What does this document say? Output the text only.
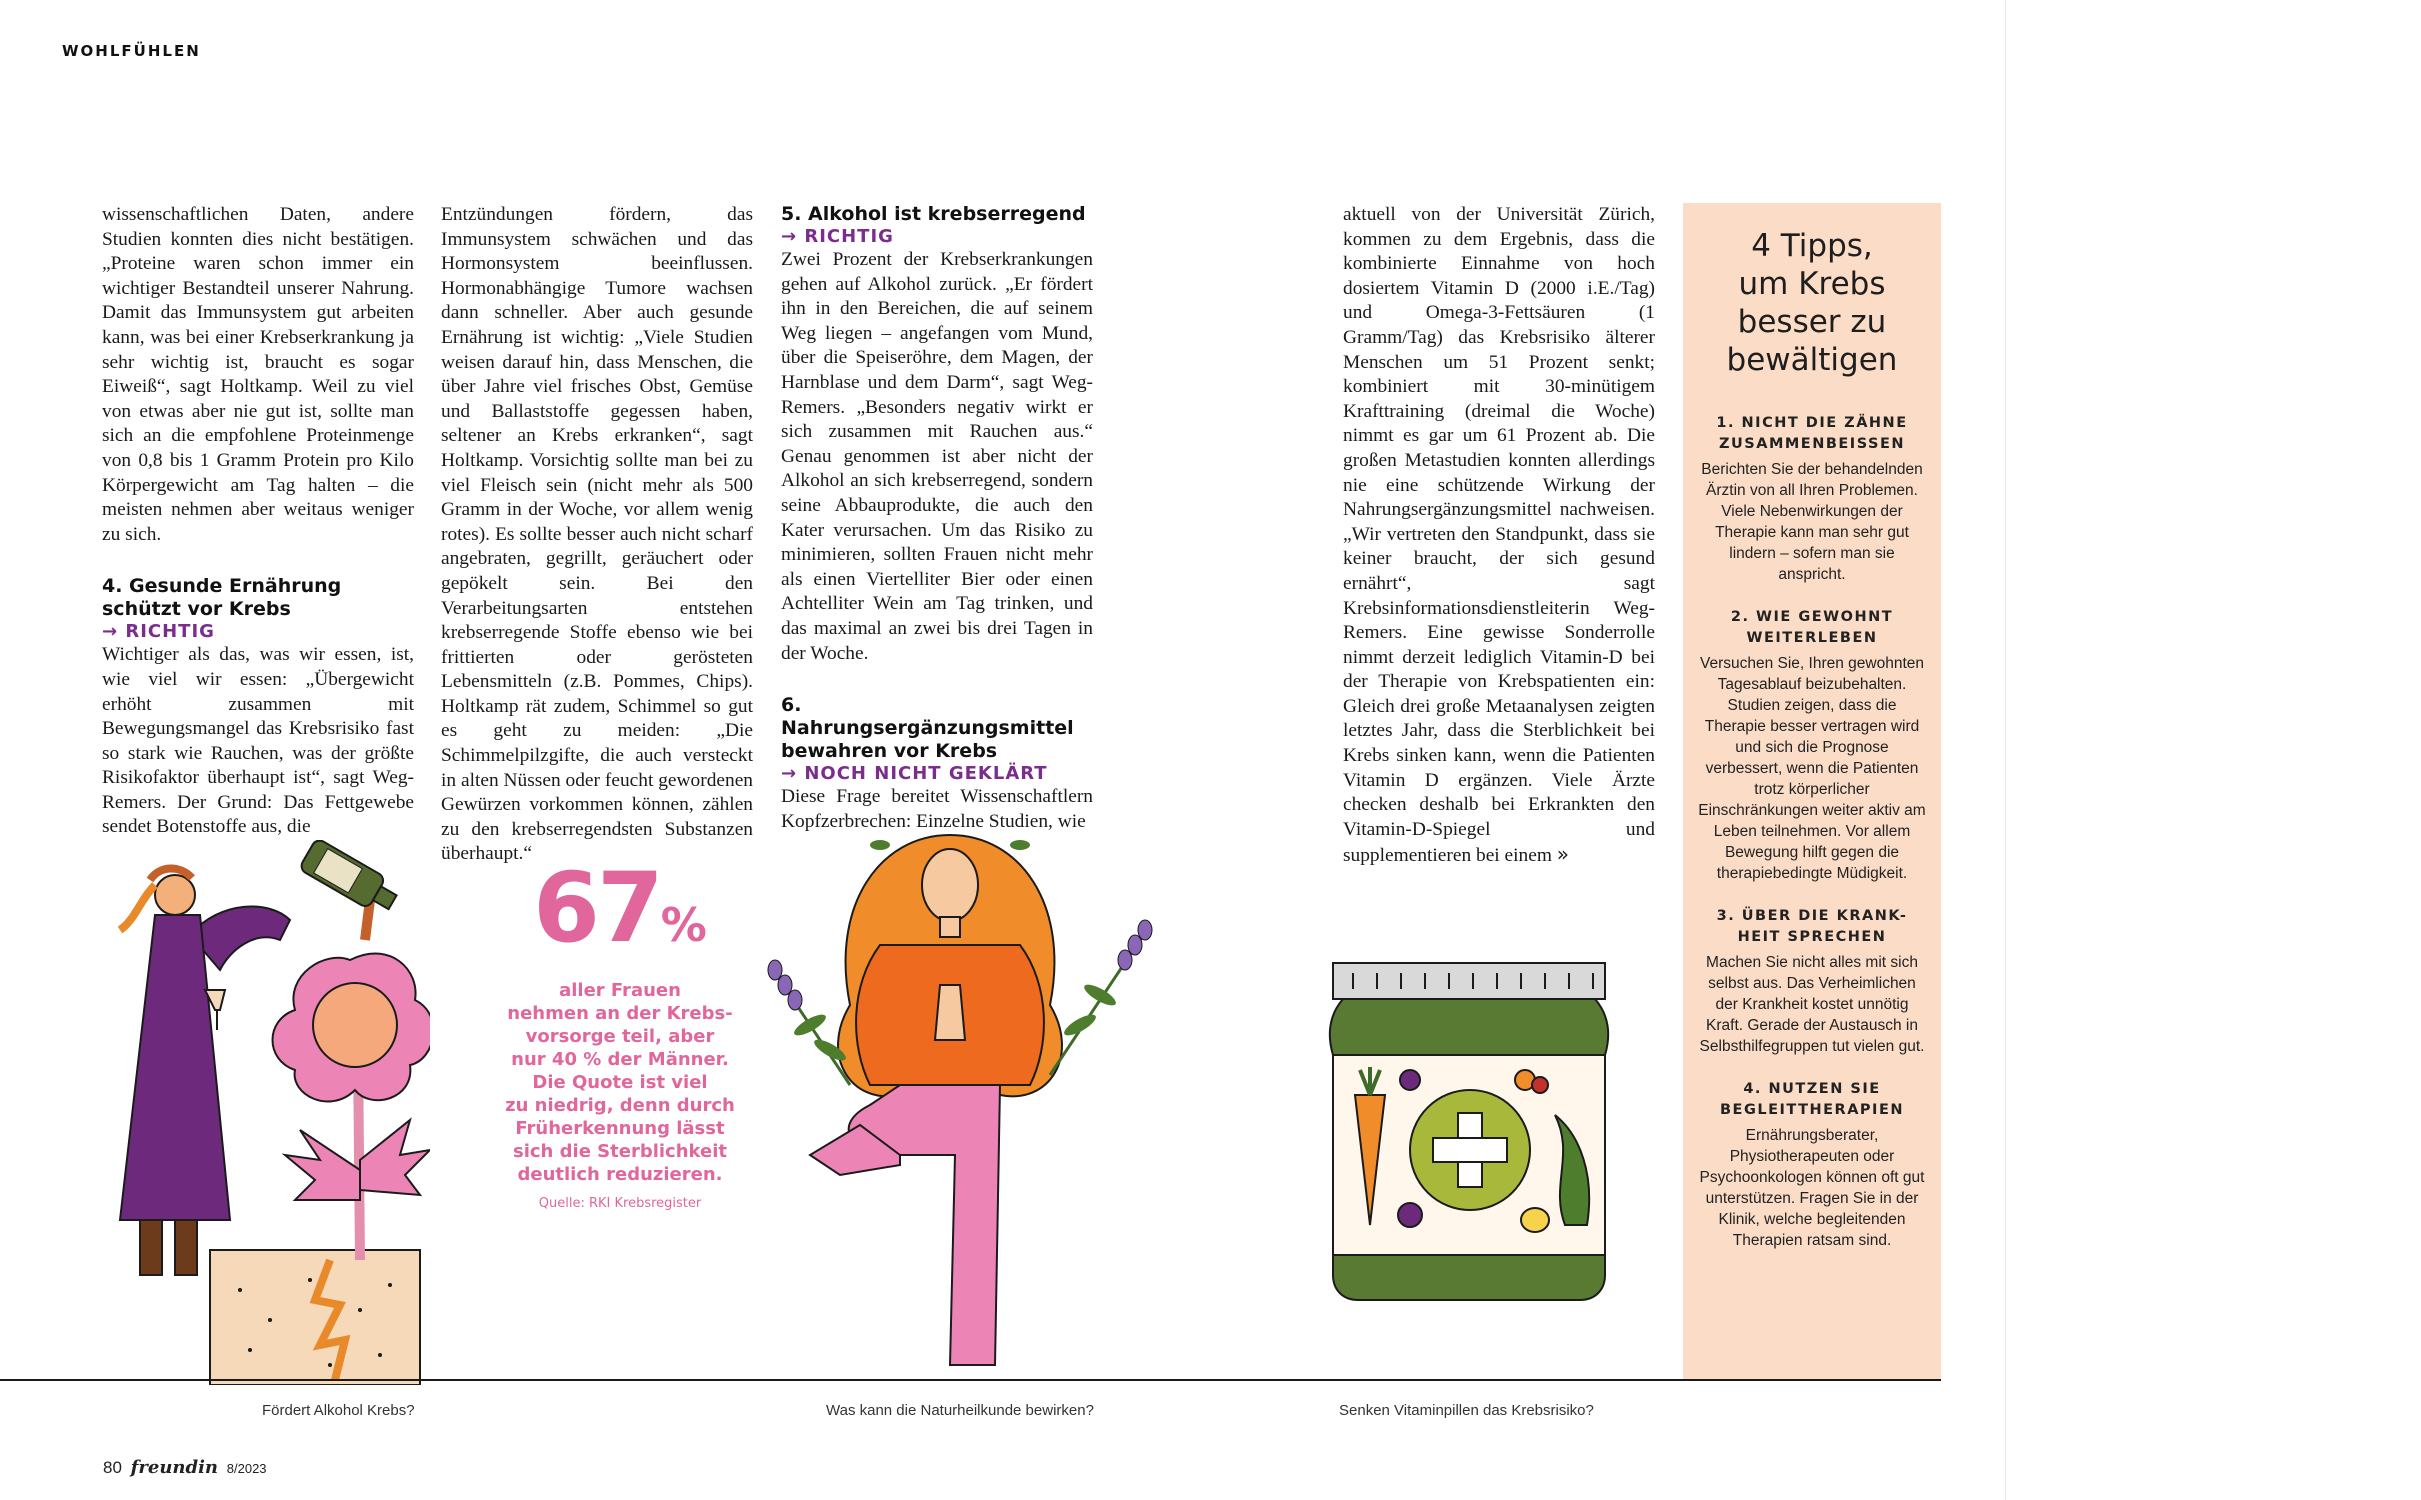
WOHLFÜHLEN

wissenschaftlichen Daten, andere Studien konnten dies nicht bestätigen. „Proteine waren schon immer ein wichtiger Bestandteil unserer Nahrung. Damit das Immunsystem gut arbeiten kann, was bei einer Krebserkrankung ja sehr wichtig ist, braucht es sogar Eiweiß“, sagt Holtkamp. Weil zu viel von etwas aber nie gut ist, sollte man sich an die empfohlene Proteinmenge von 0,8 bis 1 Gramm Protein pro Kilo Körpergewicht am Tag halten – die meisten nehmen aber weitaus weniger zu sich.

4. Gesunde Ernährung schützt vor Krebs
→ RICHTIG

Wichtiger als das, was wir essen, ist, wie viel wir essen: „Übergewicht erhöht zusammen mit Bewegungsmangel das Krebsrisiko fast so stark wie Rauchen, was der größte Risikofaktor überhaupt ist“, sagt Weg-Remers. Der Grund: Das Fettgewebe sendet Botenstoffe aus, die

Entzündungen fördern, das Immunsystem schwächen und das Hormonsystem beeinflussen. Hormonabhängige Tumore wachsen dann schneller. Aber auch gesunde Ernährung ist wichtig: „Viele Studien weisen darauf hin, dass Menschen, die über Jahre viel frisches Obst, Gemüse und Ballaststoffe gegessen haben, seltener an Krebs erkranken“, sagt Holtkamp. Vorsichtig sollte man bei zu viel Fleisch sein (nicht mehr als 500 Gramm in der Woche, vor allem wenig rotes). Es sollte besser auch nicht scharf angebraten, gegrillt, geräuchert oder gepökelt sein. Bei den Verarbeitungsarten entstehen krebserregende Stoffe ebenso wie bei frittierten oder gerösteten Lebensmitteln (z.B. Pommes, Chips). Holtkamp rät zudem, Schimmel so gut es geht zu meiden: „Die Schimmelpilzgifte, die auch versteckt in alten Nüssen oder feucht gewordenen Gewürzen vorkommen können, zählen zu den krebserregendsten Substanzen überhaupt.“

5. Alkohol ist krebserregend
→ RICHTIG

Zwei Prozent der Krebserkrankungen gehen auf Alkohol zurück. „Er fördert ihn in den Bereichen, die auf seinem Weg liegen – angefangen vom Mund, über die Speiseröhre, dem Magen, der Harnblase und dem Darm“, sagt Weg-Remers. „Besonders negativ wirkt er sich zusammen mit Rauchen aus.“ Genau genommen ist aber nicht der Alkohol an sich krebserregend, sondern seine Abbauprodukte, die auch den Kater verursachen. Um das Risiko zu minimieren, sollten Frauen nicht mehr als einen Viertelliter Bier oder einen Achtelliter Wein am Tag trinken, und das maximal an zwei bis drei Tagen in der Woche.

6. Nahrungsergänzungsmittel bewahren vor Krebs
→ NOCH NICHT GEKLÄRT

Diese Frage bereitet Wissenschaftlern Kopfzerbrechen: Einzelne Studien, wie

aktuell von der Universität Zürich, kommen zu dem Ergebnis, dass die kombinierte Einnahme von hoch dosiertem Vitamin D (2000 i.E./Tag) und Omega-3-Fettsäuren (1 Gramm/Tag) das Krebsrisiko älterer Menschen um 51 Prozent senkt; kombiniert mit 30-minütigem Krafttraining (dreimal die Woche) nimmt es gar um 61 Prozent ab. Die großen Metastudien konnten allerdings nie eine schützende Wirkung der Nahrungsergänzungsmittel nachweisen. „Wir vertreten den Standpunkt, dass sie keiner braucht, der sich gesund ernährt“, sagt Krebsinformationsdienstleiterin Weg-Remers. Eine gewisse Sonderrolle nimmt derzeit lediglich Vitamin-D bei der Therapie von Krebspatienten ein: Gleich drei große Metaanalysen zeigten letztes Jahr, dass die Sterblichkeit bei Krebs sinken kann, wenn die Patienten Vitamin D ergänzen. Viele Ärzte checken deshalb bei Erkrankten den Vitamin-D-Spiegel und supplementieren bei einem »

4 Tipps,
um Krebs
besser zu
bewältigen
1. NICHT DIE ZÄHNE
ZUSAMMENBEISSEN

Berichten Sie der behandelnden Ärztin von all Ihren Problemen. Viele Nebenwirkungen der Therapie kann man sehr gut lindern – sofern man sie anspricht.

2. WIE GEWOHNT
WEITERLEBEN

Versuchen Sie, Ihren gewohnten Tagesablauf beizubehalten. Studien zeigen, dass die Therapie besser vertragen wird und sich die Prognose verbessert, wenn die Patienten trotz körperlicher Einschränkungen weiter aktiv am Leben teilnehmen. Vor allem Bewegung hilft gegen die therapiebedingte Müdigkeit.

3. ÜBER DIE KRANK-
HEIT SPRECHEN

Machen Sie nicht alles mit sich selbst aus. Das Verheimlichen der Krankheit kostet unnötig Kraft. Gerade der Austausch in Selbsthilfegruppen tut vielen gut.

4. NUTZEN SIE
BEGLEITTHERAPIEN

Ernährungsberater, Physiotherapeuten oder Psychoonkologen können oft gut unterstützen. Fragen Sie in der Klinik, welche begleitenden Therapien ratsam sind.

67%
aller Frauen
nehmen an der Krebs-
vorsorge teil, aber
nur 40 % der Männer.
Die Quote ist viel
zu niedrig, denn durch
Früherkennung lässt
sich die Sterblichkeit
deutlich reduzieren.
Quelle: RKI Krebsregister
Fördert Alkohol Krebs?	Was kann die Naturheilkunde bewirken?	Senken Vitaminpillen das Krebsrisiko?
80 freundin 8/2023
